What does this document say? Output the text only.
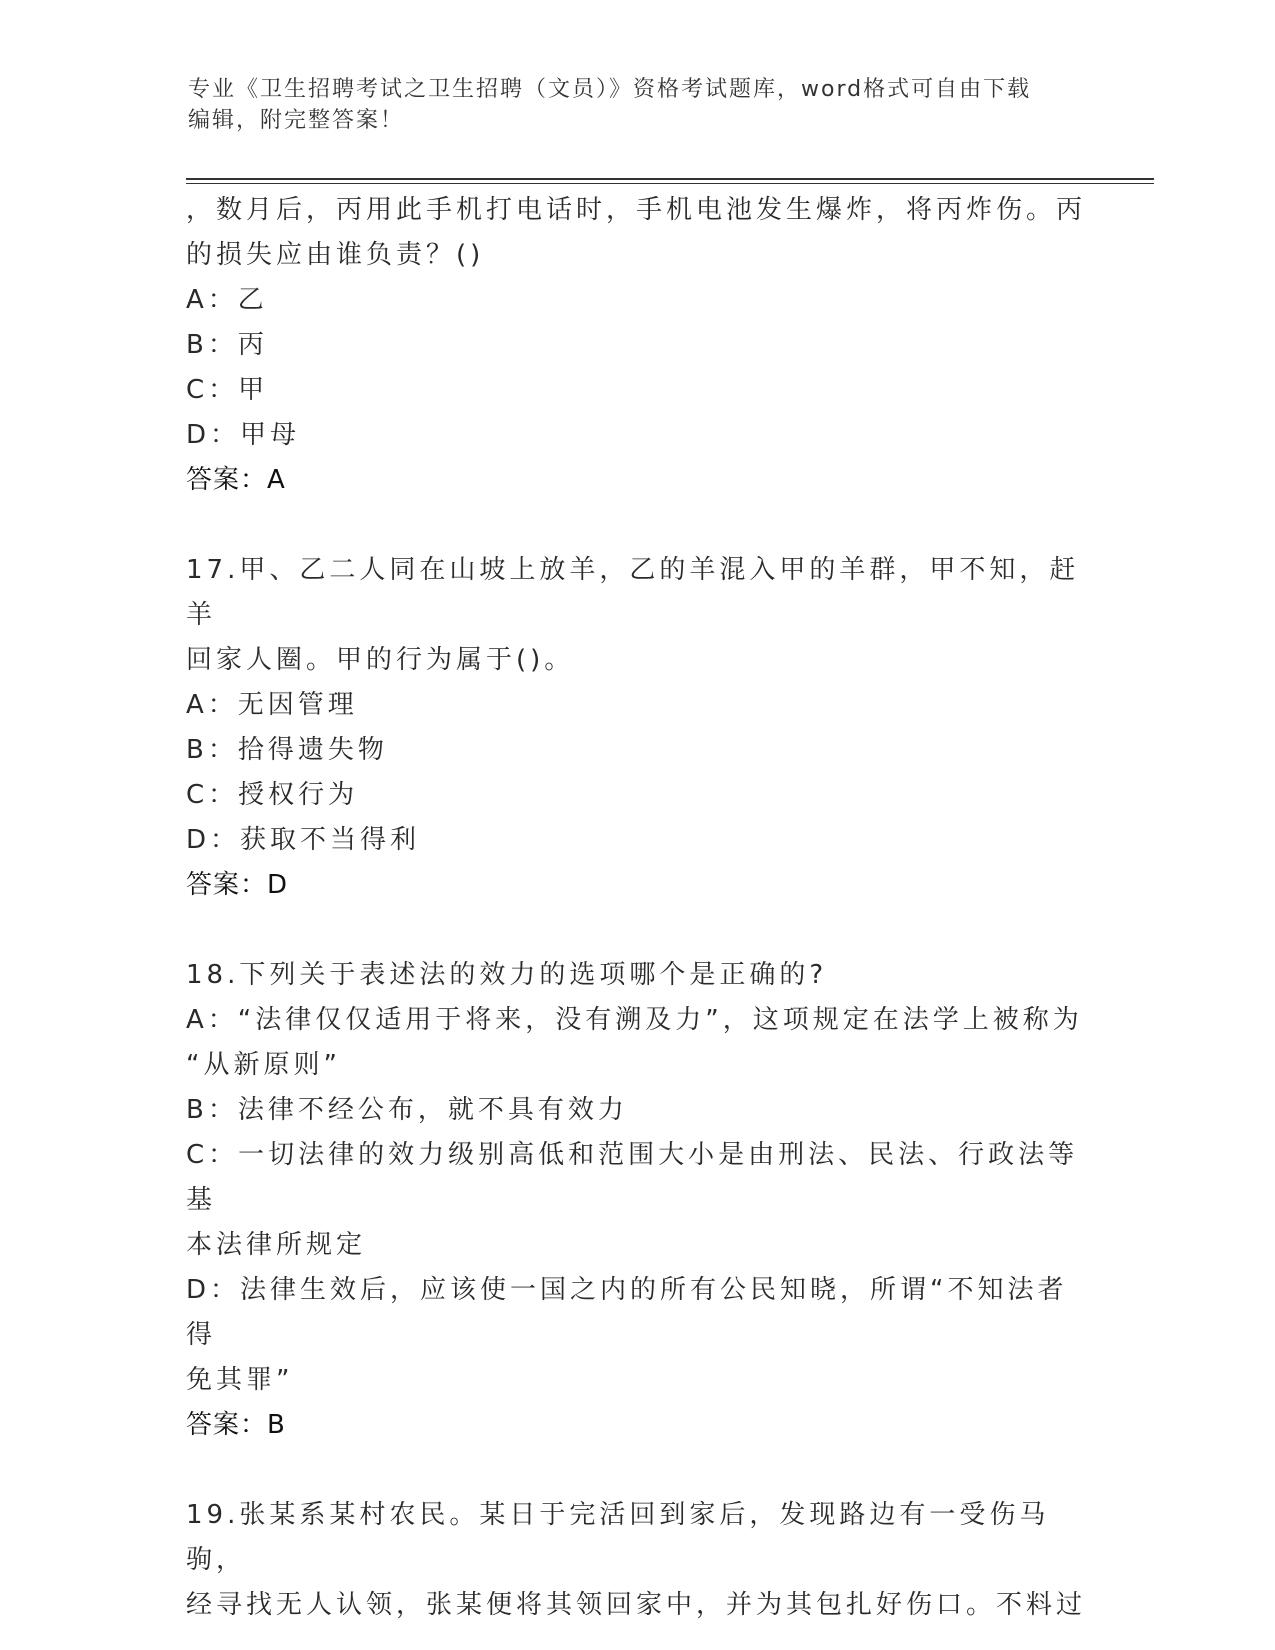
专业《卫生招聘考试之卫生招聘（文员）》资格考试题库，word格式可自由下载
编辑，附完整答案！

，数月后，丙用此手机打电话时，手机电池发生爆炸，将丙炸伤。丙

的损失应由谁负责？()

A：乙

B：丙

C：甲

D：甲母

答案：A

17.甲、乙二人同在山坡上放羊，乙的羊混入甲的羊群，甲不知，赶羊

回家人圈。甲的行为属于()。

A：无因管理

B：拾得遗失物

C：授权行为

D：获取不当得利

答案：D

18.下列关于表述法的效力的选项哪个是正确的?

A：“法律仅仅适用于将来，没有溯及力”，这项规定在法学上被称为

“从新原则”

B：法律不经公布，就不具有效力

C：一切法律的效力级别高低和范围大小是由刑法、民法、行政法等基

本法律所规定

D：法律生效后，应该使一国之内的所有公民知晓，所谓“不知法者得

免其罪”

答案：B

19.张某系某村农民。某日于完活回到家后，发现路边有一受伤马驹，

经寻找无人认领，张某便将其领回家中，并为其包扎好伤口。不料过
